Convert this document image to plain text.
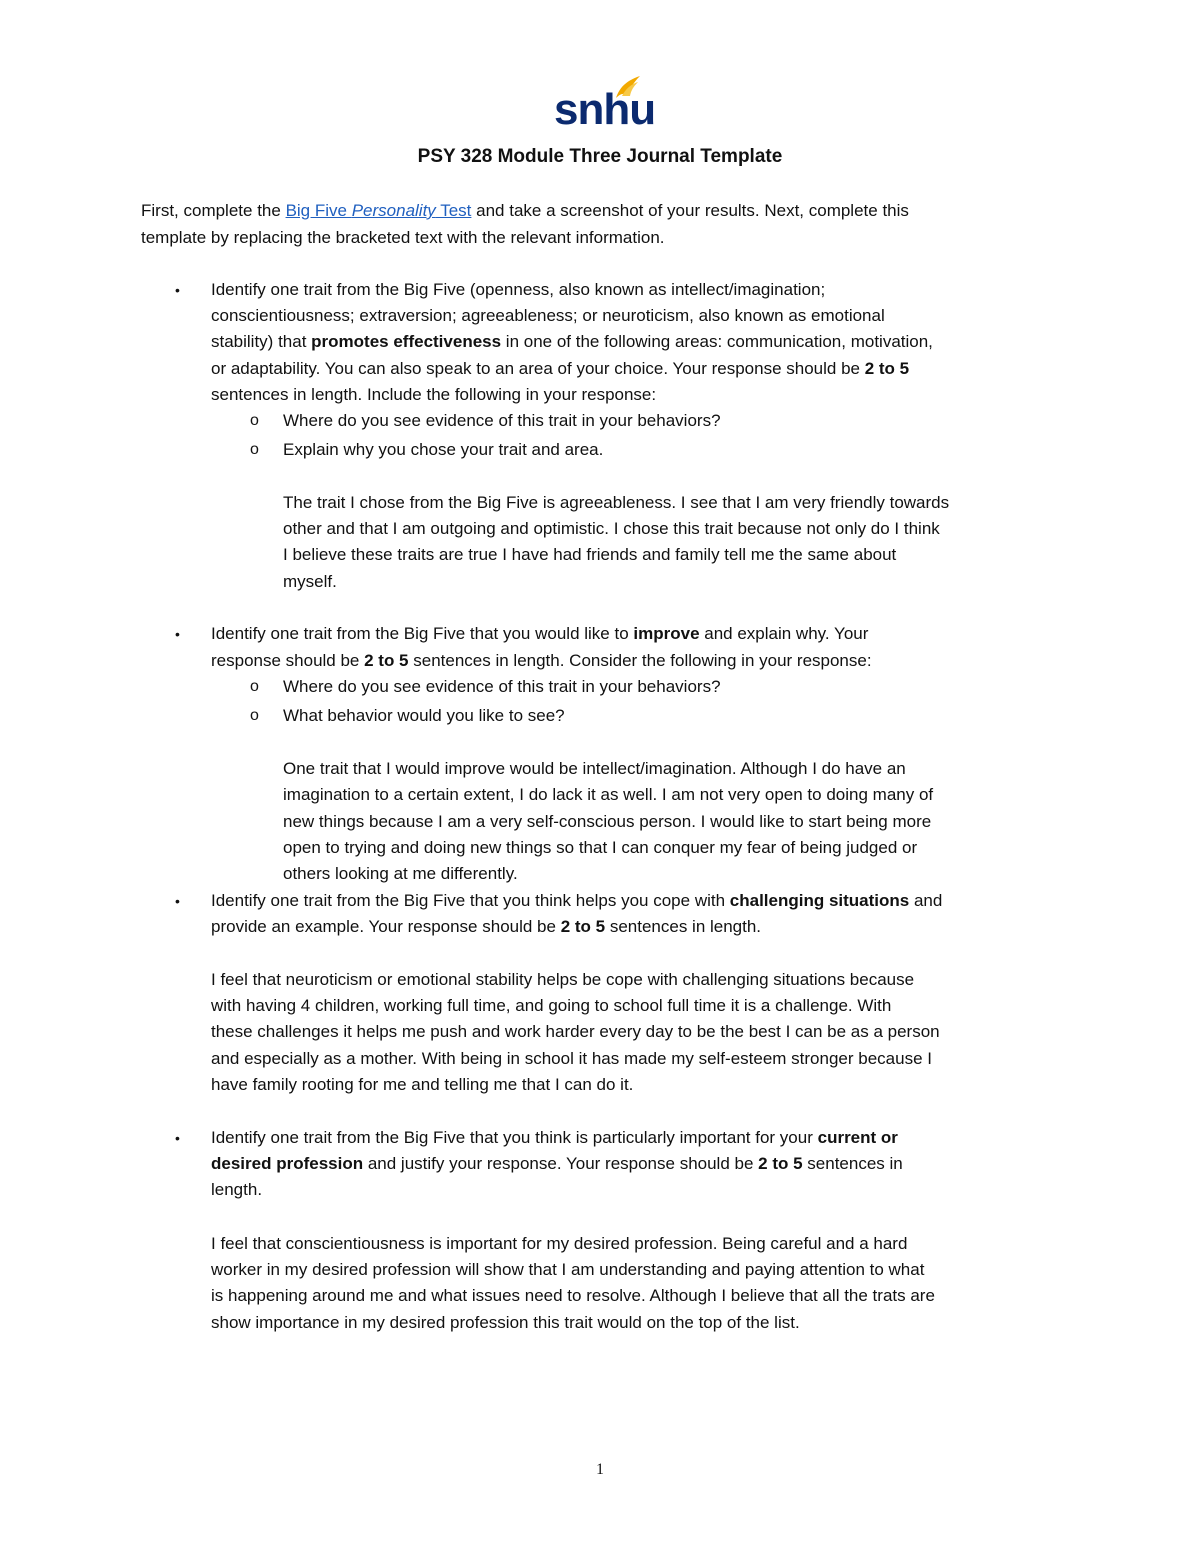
snhu
PSY 328 Module Three Journal Template

First, complete the Big Five Personality Test and take a screenshot of your results. Next, complete this

template by replacing the bracketed text with the relevant information.

• Identify one trait from the Big Five (openness, also known as intellect/imagination;

conscientiousness; extraversion; agreeableness; or neuroticism, also known as emotional

stability) that promotes effectiveness in one of the following areas: communication, motivation,

or adaptability. You can also speak to an area of your choice. Your response should be 2 to 5

sentences in length. Include the following in your response:

o Where do you see evidence of this trait in your behaviors?

o Explain why you chose your trait and area.

The trait I chose from the Big Five is agreeableness. I see that I am very friendly towards

other and that I am outgoing and optimistic. I chose this trait because not only do I think

I believe these traits are true I have had friends and family tell me the same about

myself.

• Identify one trait from the Big Five that you would like to improve and explain why. Your

response should be 2 to 5 sentences in length. Consider the following in your response:

o Where do you see evidence of this trait in your behaviors?

o What behavior would you like to see?

One trait that I would improve would be intellect/imagination. Although I do have an

imagination to a certain extent, I do lack it as well. I am not very open to doing many of

new things because I am a very self-conscious person. I would like to start being more

open to trying and doing new things so that I can conquer my fear of being judged or

others looking at me differently.

• Identify one trait from the Big Five that you think helps you cope with challenging situations and

provide an example. Your response should be 2 to 5 sentences in length.

I feel that neuroticism or emotional stability helps be cope with challenging situations because

with having 4 children, working full time, and going to school full time it is a challenge. With

these challenges it helps me push and work harder every day to be the best I can be as a person

and especially as a mother. With being in school it has made my self-esteem stronger because I

have family rooting for me and telling me that I can do it.

• Identify one trait from the Big Five that you think is particularly important for your current or

desired profession and justify your response. Your response should be 2 to 5 sentences in

length.

I feel that conscientiousness is important for my desired profession. Being careful and a hard

worker in my desired profession will show that I am understanding and paying attention to what

is happening around me and what issues need to resolve. Although I believe that all the trats are

show importance in my desired profession this trait would on the top of the list.

1
